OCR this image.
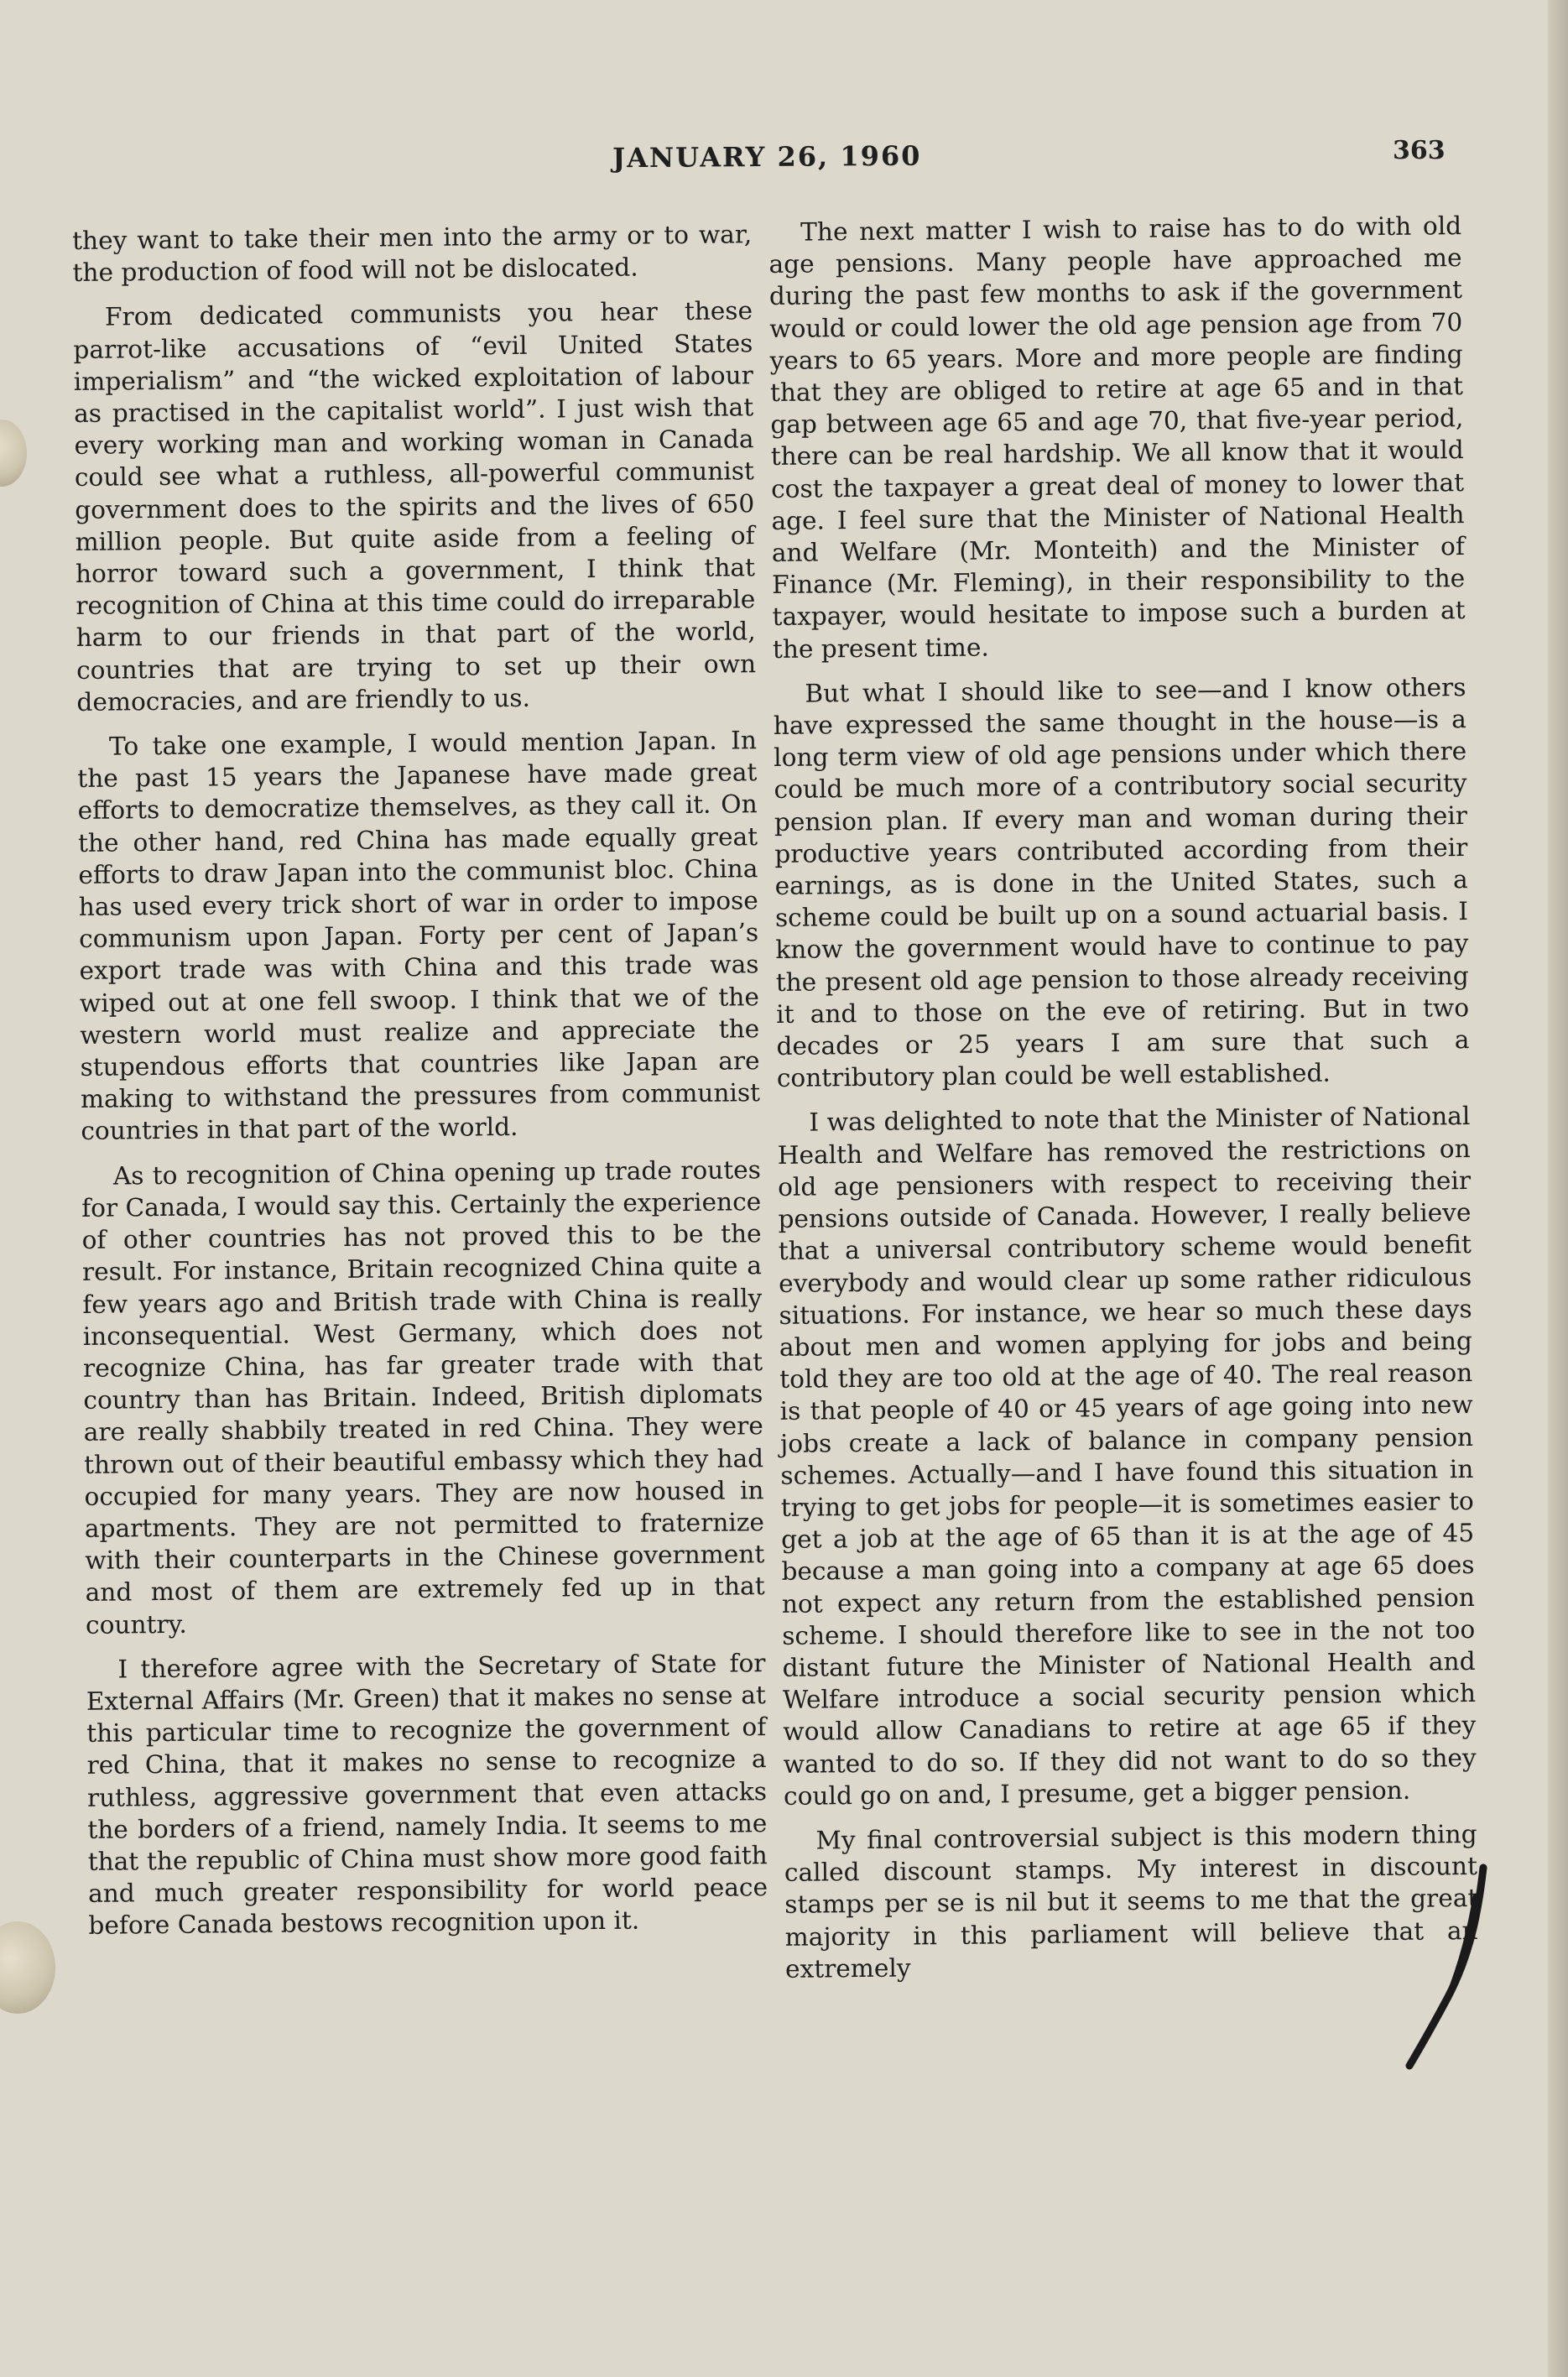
JANUARY 26, 1960	363

they want to take their men into the army or to war, the production of food will not be dislocated.

From dedicated communists you hear these parrot-like accusations of “evil United States imperialism” and “the wicked exploitation of labour as practised in the capitalist world”. I just wish that every working man and working woman in Canada could see what a ruthless, all-powerful communist government does to the spirits and the lives of 650 million people. But quite aside from a feeling of horror toward such a government, I think that recognition of China at this time could do irreparable harm to our friends in that part of the world, countries that are trying to set up their own democracies, and are friendly to us.

To take one example, I would mention Japan. In the past 15 years the Japanese have made great efforts to democratize themselves, as they call it. On the other hand, red China has made equally great efforts to draw Japan into the communist bloc. China has used every trick short of war in order to impose communism upon Japan. Forty per cent of Japan’s export trade was with China and this trade was wiped out at one fell swoop. I think that we of the western world must realize and appreciate the stupendous efforts that countries like Japan are making to withstand the pressures from communist countries in that part of the world.

As to recognition of China opening up trade routes for Canada, I would say this. Certainly the experience of other countries has not proved this to be the result. For instance, Britain recognized China quite a few years ago and British trade with China is really inconsequential. West Germany, which does not recognize China, has far greater trade with that country than has Britain. Indeed, British diplomats are really shabbily treated in red China. They were thrown out of their beautiful embassy which they had occupied for many years. They are now housed in apartments. They are not permitted to fraternize with their counterparts in the Chinese government and most of them are extremely fed up in that country.

I therefore agree with the Secretary of State for External Affairs (Mr. Green) that it makes no sense at this particular time to recognize the government of red China, that it makes no sense to recognize a ruthless, aggressive government that even attacks the borders of a friend, namely India. It seems to me that the republic of China must show more good faith and much greater responsibility for world peace before Canada bestows recognition upon it.

The next matter I wish to raise has to do with old age pensions. Many people have approached me during the past few months to ask if the government would or could lower the old age pension age from 70 years to 65 years. More and more people are finding that they are obliged to retire at age 65 and in that gap between age 65 and age 70, that five-year period, there can be real hardship. We all know that it would cost the taxpayer a great deal of money to lower that age. I feel sure that the Minister of National Health and Welfare (Mr. Monteith) and the Minister of Finance (Mr. Fleming), in their responsibility to the taxpayer, would hesitate to impose such a burden at the present time.

But what I should like to see—and I know others have expressed the same thought in the house—is a long term view of old age pensions under which there could be much more of a contributory social security pension plan. If every man and woman during their productive years contributed according from their earnings, as is done in the United States, such a scheme could be built up on a sound actuarial basis. I know the government would have to continue to pay the present old age pension to those already receiving it and to those on the eve of retiring. But in two decades or 25 years I am sure that such a contributory plan could be well established.

I was delighted to note that the Minister of National Health and Welfare has removed the restrictions on old age pensioners with respect to receiving their pensions outside of Canada. However, I really believe that a universal contributory scheme would benefit everybody and would clear up some rather ridiculous situations. For instance, we hear so much these days about men and women applying for jobs and being told they are too old at the age of 40. The real reason is that people of 40 or 45 years of age going into new jobs create a lack of balance in company pension schemes. Actually—and I have found this situation in trying to get jobs for people—it is sometimes easier to get a job at the age of 65 than it is at the age of 45 because a man going into a company at age 65 does not expect any return from the established pension scheme. I should therefore like to see in the not too distant future the Minister of National Health and Welfare introduce a social security pension which would allow Canadians to retire at age 65 if they wanted to do so. If they did not want to do so they could go on and, I presume, get a bigger pension.

My final controversial subject is this modern thing called discount stamps. My interest in discount stamps per se is nil but it seems to me that the great majority in this parliament will believe that an extremely
